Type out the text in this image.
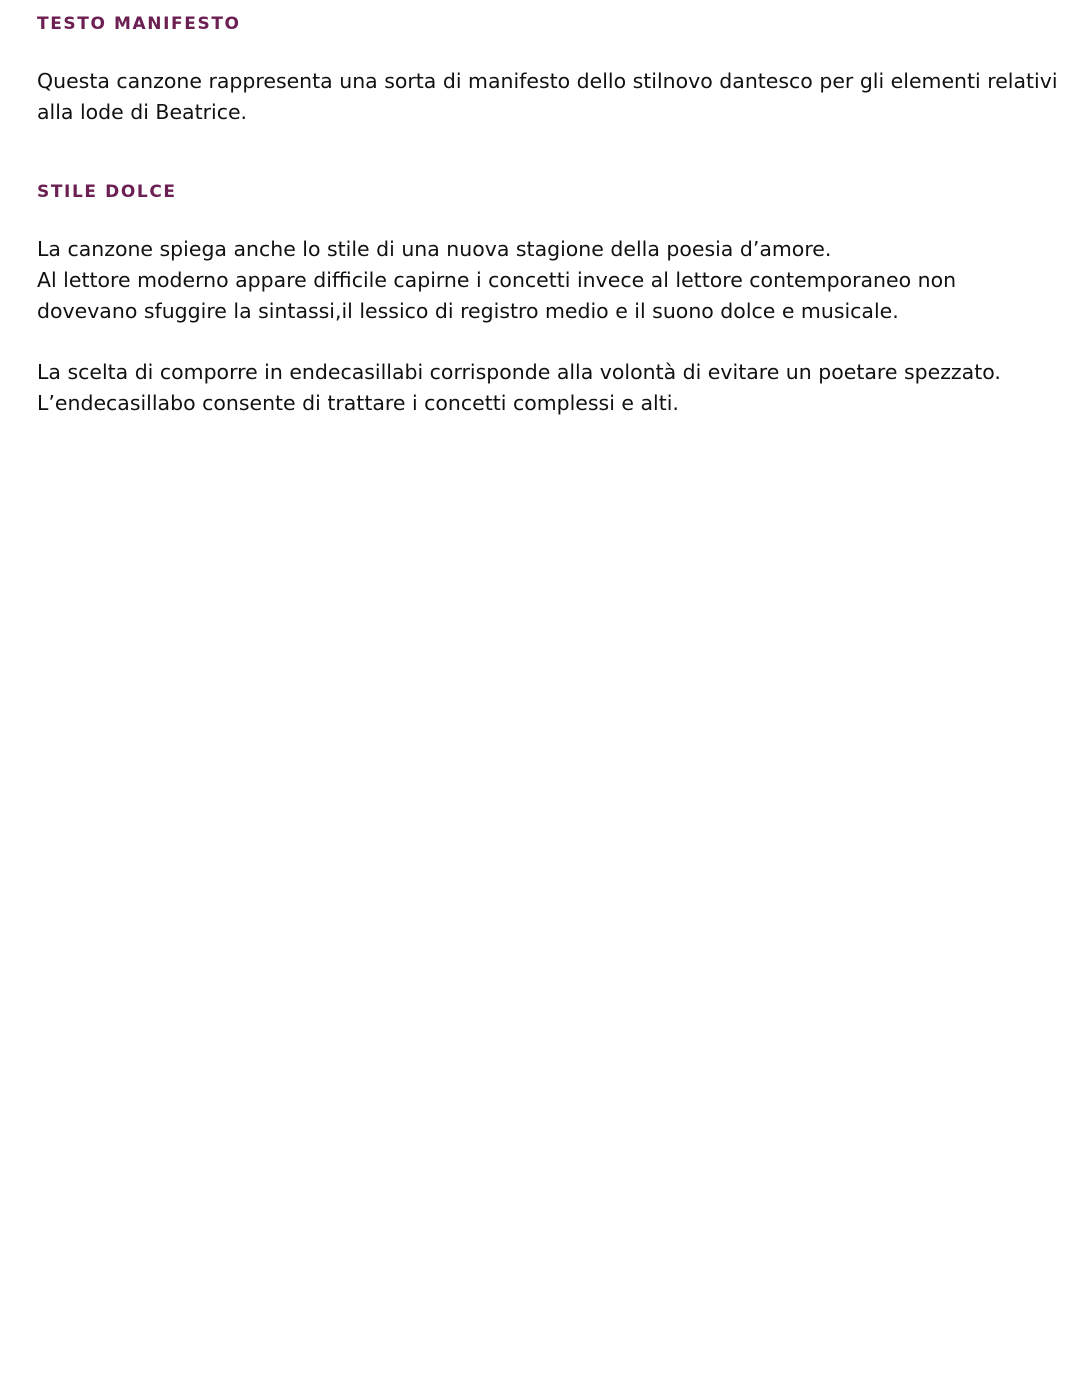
TESTO MANIFESTO

Questa canzone rappresenta una sorta di manifesto dello stilnovo dantesco per gli elementi relativi
alla lode di Beatrice.

STILE DOLCE

La canzone spiega anche lo stile di una nuova stagione della poesia d’amore.
Al lettore moderno appare difficile capirne i concetti invece al lettore contemporaneo non
dovevano sfuggire la sintassi,il lessico di registro medio e il suono dolce e musicale.

La scelta di comporre in endecasillabi corrisponde alla volontà di evitare un poetare spezzato.
L’endecasillabo consente di trattare i concetti complessi e alti.
